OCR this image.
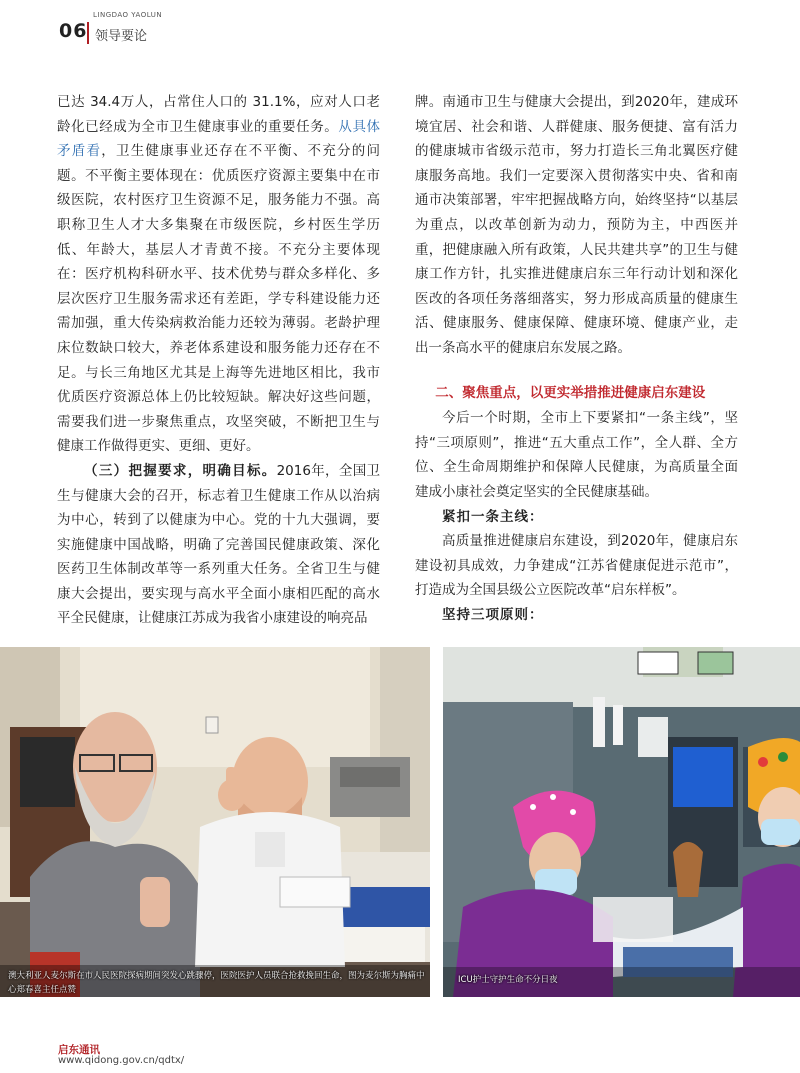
06
LINGDAO YAOLUN
领导要论

已达 34.4万人，占常住人口的 31.1%，应对人口老龄化已经成为全市卫生健康事业的重要任务。从具体矛盾看，卫生健康事业还存在不平衡、不充分的问题。不平衡主要体现在：优质医疗资源主要集中在市级医院，农村医疗卫生资源不足，服务能力不强。高职称卫生人才大多集聚在市级医院，乡村医生学历低、年龄大，基层人才青黄不接。不充分主要体现在：医疗机构科研水平、技术优势与群众多样化、多层次医疗卫生服务需求还有差距，学专科建设能力还需加强，重大传染病救治能力还较为薄弱。老龄护理床位数缺口较大，养老体系建设和服务能力还存在不足。与长三角地区尤其是上海等先进地区相比，我市优质医疗资源总体上仍比较短缺。解决好这些问题，需要我们进一步聚焦重点，攻坚突破，不断把卫生与健康工作做得更实、更细、更好。

（三）把握要求，明确目标。2016年，全国卫生与健康大会的召开，标志着卫生健康工作从以治病为中心，转到了以健康为中心。党的十九大强调，要实施健康中国战略，明确了完善国民健康政策、深化医药卫生体制改革等一系列重大任务。全省卫生与健康大会提出，要实现与高水平全面小康相匹配的高水平全民健康，让健康江苏成为我省小康建设的响亮品

牌。南通市卫生与健康大会提出，到2020年，建成环境宜居、社会和谐、人群健康、服务便捷、富有活力的健康城市省级示范市，努力打造长三角北翼医疗健康服务高地。我们一定要深入贯彻落实中央、省和南通市决策部署，牢牢把握战略方向，始终坚持“以基层为重点，以改革创新为动力，预防为主，中西医并重，把健康融入所有政策，人民共建共享”的卫生与健康工作方针，扎实推进健康启东三年行动计划和深化医改的各项任务落细落实，努力形成高质量的健康生活、健康服务、健康保障、健康环境、健康产业，走出一条高水平的健康启东发展之路。

二、聚焦重点，以更实举措推进健康启东建设

今后一个时期，全市上下要紧扣“一条主线”，坚持“三项原则”，推进“五大重点工作”，全人群、全方位、全生命周期维护和保障人民健康，为高质量全面建成小康社会奠定坚实的全民健康基础。

紧扣一条主线：

高质量推进健康启东建设，到2020年，健康启东建设初具成效，力争建成“江苏省健康促进示范市”，打造成为全国县级公立医院改革“启东样板”。

坚持三项原则：

澳大利亚人麦尔斯在市人民医院探病期间突发心跳骤停，医院医护人员联合抢救挽回生命，图为麦尔斯为胸痛中心郑春喜主任点赞
ICU护士守护生命不分日夜
启东通讯
www.qidong.gov.cn/qdtx/
